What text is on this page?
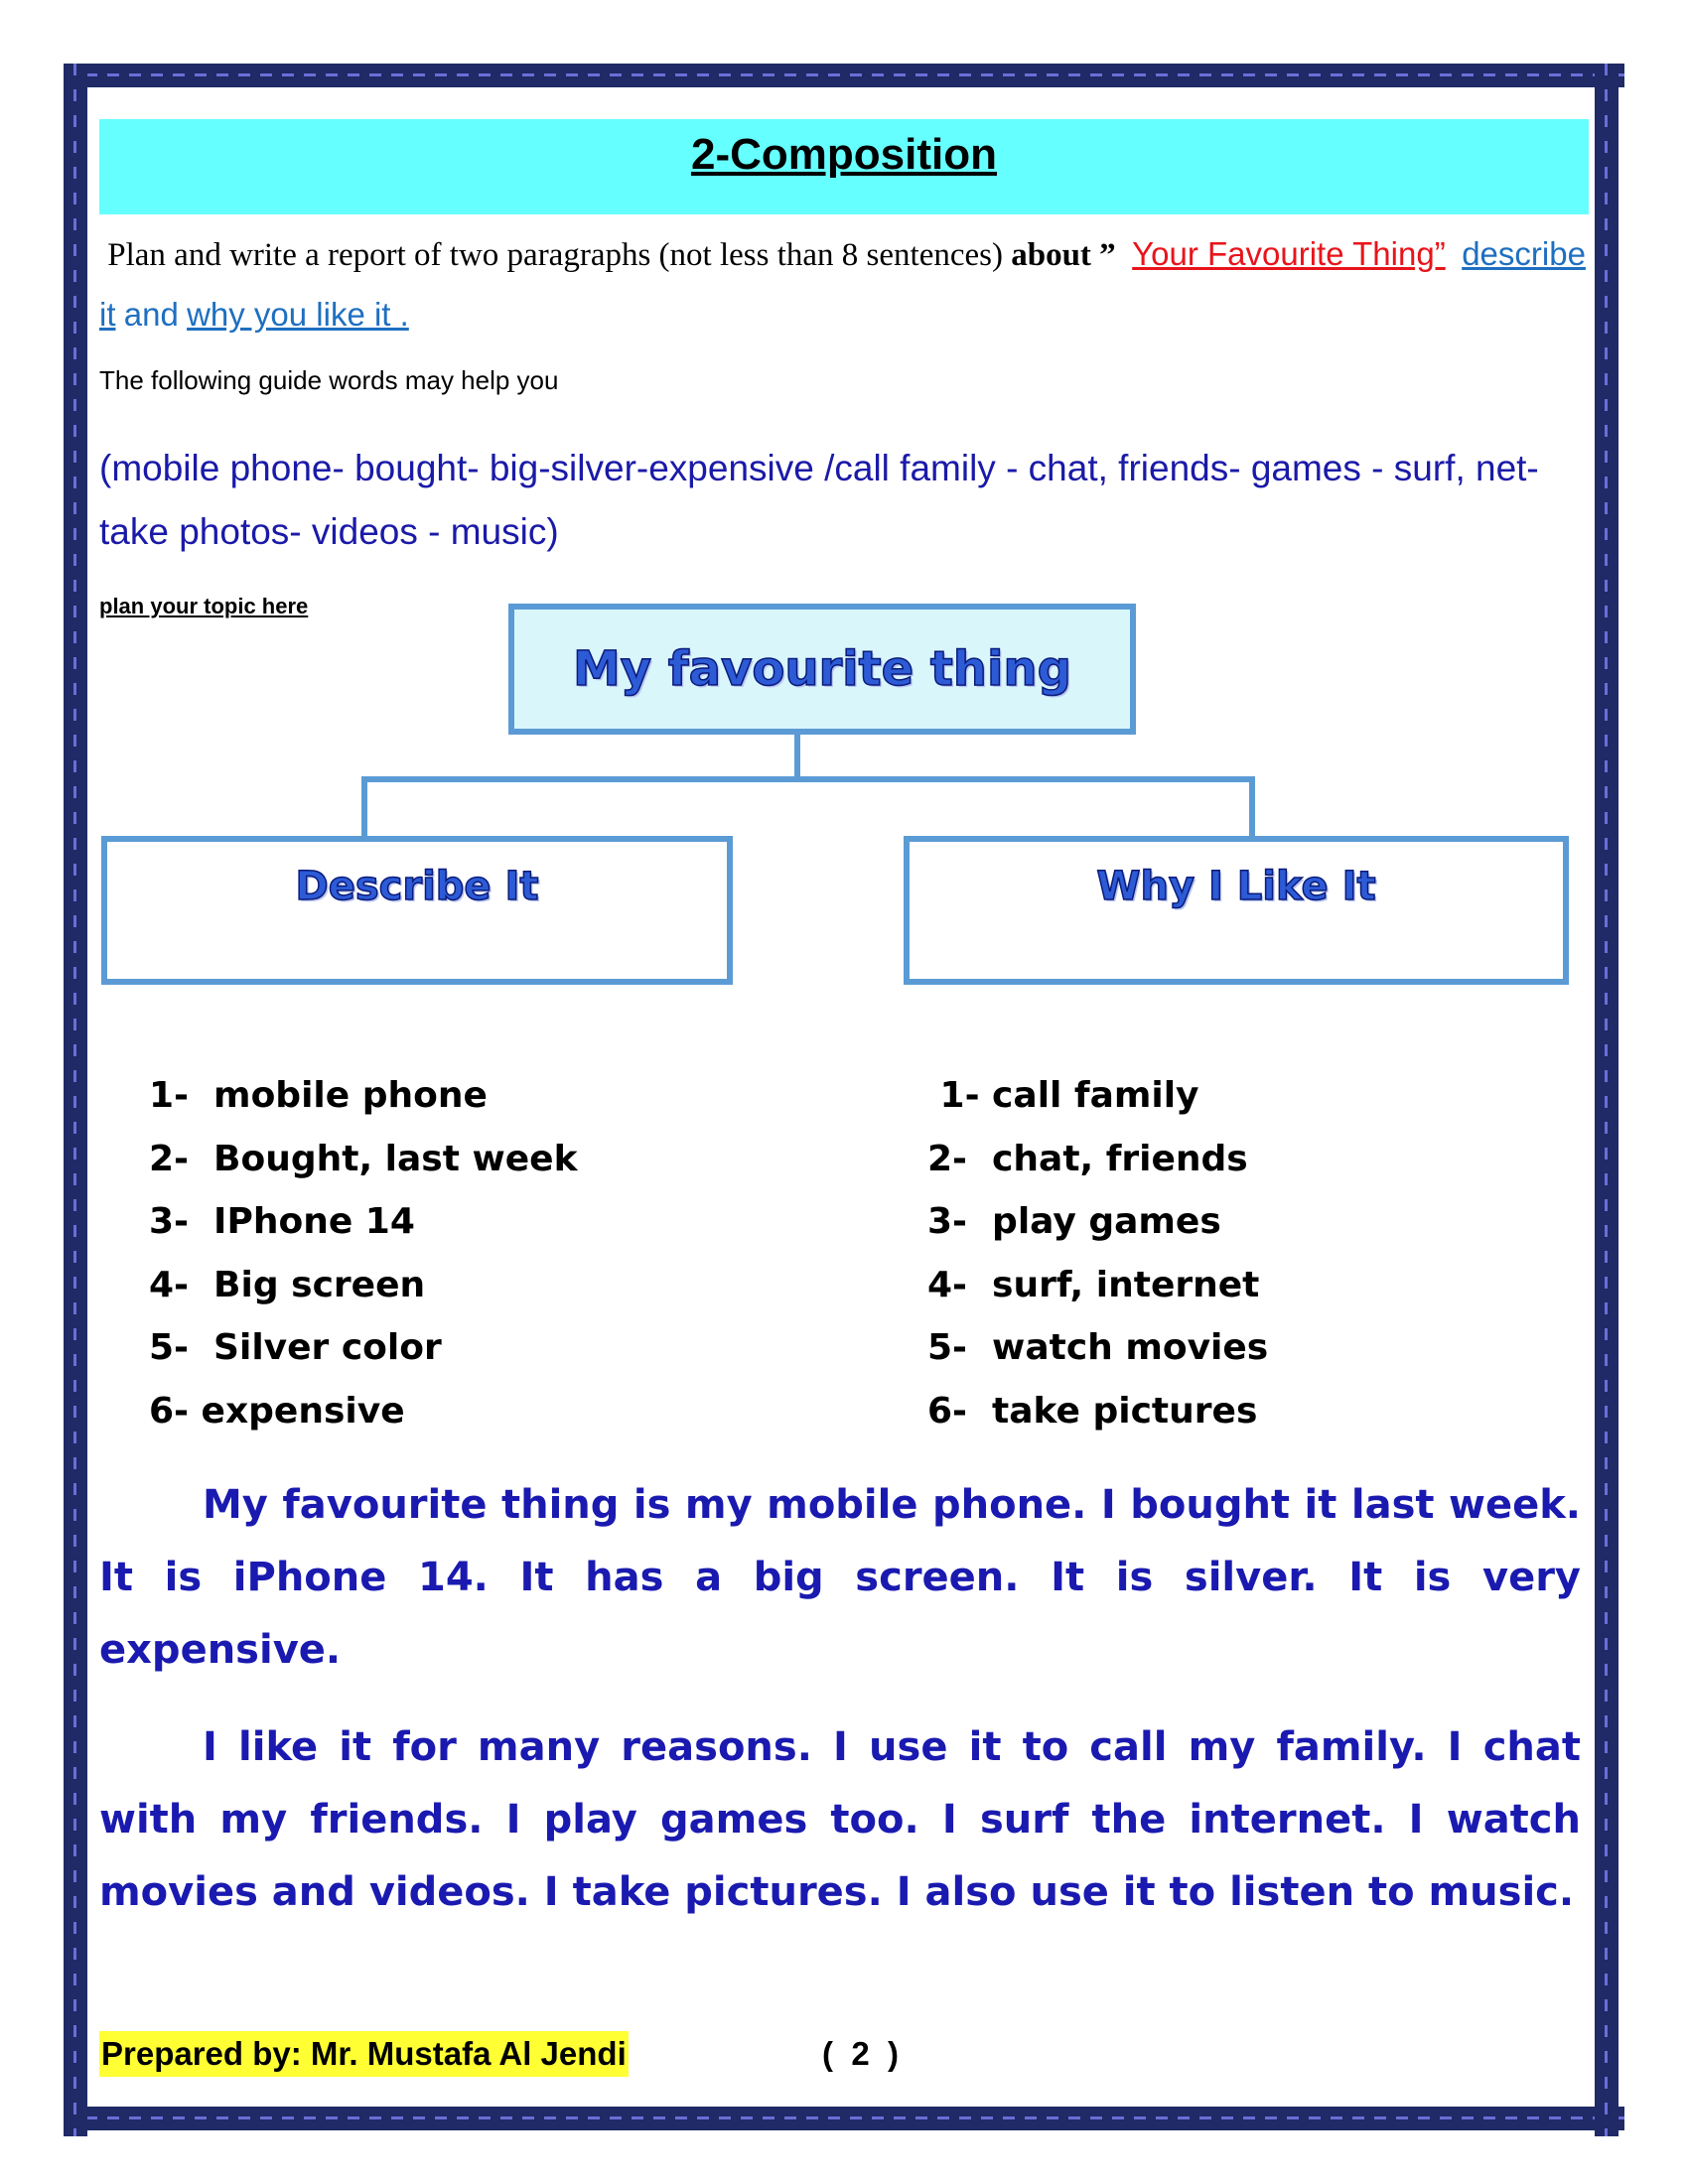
2-Composition
Plan and write a report of two paragraphs (not less than 8 sentences) about ” Your Favourite Thing” describe it and why you like it .
The following guide words may help you
(mobile phone- bought- big-silver-expensive /call family - chat, friends- games - surf, net- take photos- videos - music)
plan your topic here
My favourite thing
Describe It	Why I Like It
1-  mobile phone
2-  Bought, last week
3-  IPhone 14
4-  Big screen
5-  Silver color
6- expensive
1- call family
2-  chat, friends
3-  play games
4-  surf, internet
5-  watch movies
6-  take pictures
My favourite thing is my mobile phone. I bought it last week. It is iPhone 14. It has a big screen. It is silver. It is very expensive.
I like it for many reasons. I use it to call my family. I chat with my friends. I play games too. I surf the internet. I watch movies and videos. I take pictures. I also use it to listen to music.
Prepared by: Mr. Mustafa Al Jendi	(  2  )
